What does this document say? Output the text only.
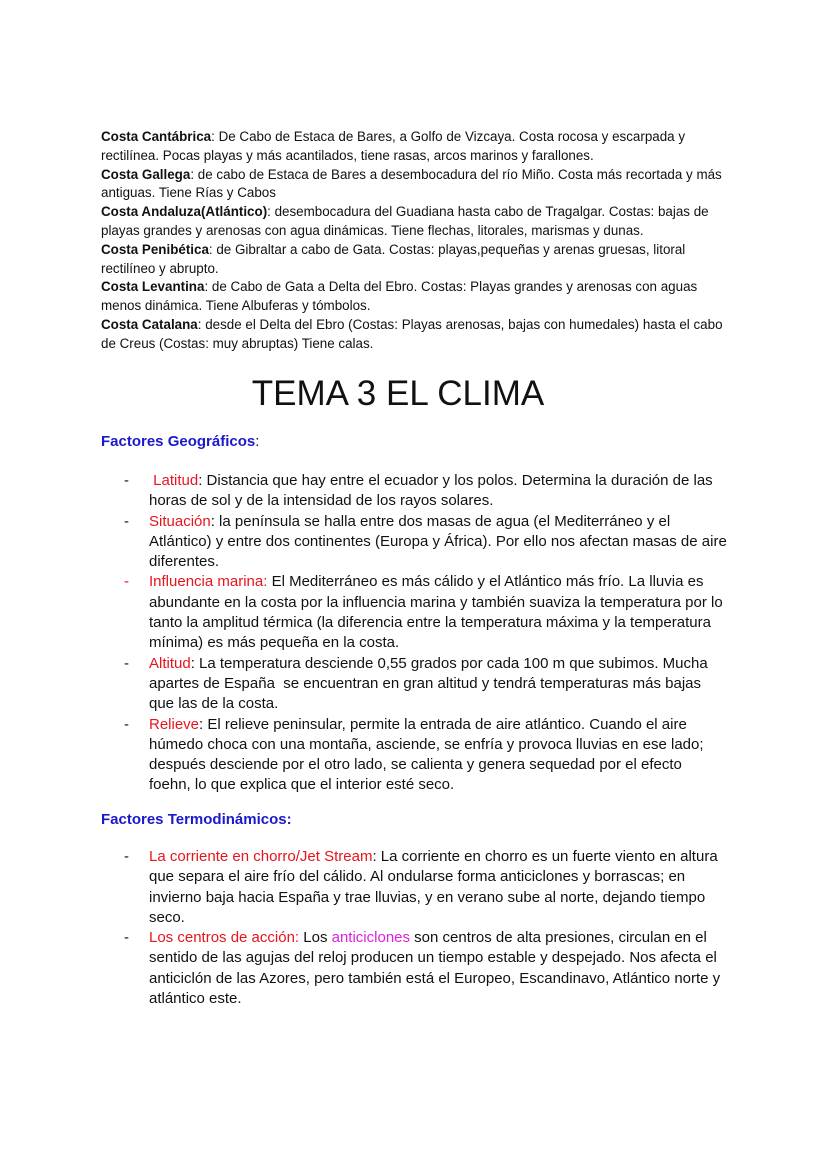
Costa Cantábrica: De Cabo de Estaca de Bares, a Golfo de Vizcaya. Costa rocosa y escarpada y rectilínea. Pocas playas y más acantilados, tiene rasas, arcos marinos y farallones.

Costa Gallega: de cabo de Estaca de Bares a desembocadura del río Miño. Costa más recortada y más antiguas. Tiene Rías y Cabos

Costa Andaluza(Atlántico): desembocadura del Guadiana hasta cabo de Tragalgar. Costas: bajas de playas grandes y arenosas con agua dinámicas. Tiene flechas, litorales, marismas y dunas.

Costa Penibética: de Gibraltar a cabo de Gata. Costas: playas,pequeñas y arenas gruesas, litoral rectilíneo y abrupto.

Costa Levantina: de Cabo de Gata a Delta del Ebro. Costas: Playas grandes y arenosas con aguas menos dinámica. Tiene Albuferas y tómbolos.

Costa Catalana: desde el Delta del Ebro (Costas: Playas arenosas, bajas con humedales) hasta el cabo de Creus (Costas: muy abruptas) Tiene calas.

TEMA 3 EL CLIMA
Factores Geográficos:
- Latitud: Distancia que hay entre el ecuador y los polos. Determina la duración de las horas de sol y de la intensidad de los rayos solares.
- Situación: la península se halla entre dos masas de agua (el Mediterráneo y el Atlántico) y entre dos continentes (Europa y África). Por ello nos afectan masas de aire diferentes.
- Influencia marina: El Mediterráneo es más cálido y el Atlántico más frío. La lluvia es abundante en la costa por la influencia marina y también suaviza la temperatura por lo tanto la amplitud térmica (la diferencia entre la temperatura máxima y la temperatura mínima) es más pequeña en la costa.
- Altitud: La temperatura desciende 0,55 grados por cada 100 m que subimos. Mucha apartes de España  se encuentran en gran altitud y tendrá temperaturas más bajas que las de la costa.
- Relieve: El relieve peninsular, permite la entrada de aire atlántico. Cuando el aire húmedo choca con una montaña, asciende, se enfría y provoca lluvias en ese lado; después desciende por el otro lado, se calienta y genera sequedad por el efecto foehn, lo que explica que el interior esté seco.
Factores Termodinámicos:
- La corriente en chorro/Jet Stream: La corriente en chorro es un fuerte viento en altura que separa el aire frío del cálido. Al ondularse forma anticiclones y borrascas; en invierno baja hacia España y trae lluvias, y en verano sube al norte, dejando tiempo seco.
- Los centros de acción: Los anticiclones son centros de alta presiones, circulan en el sentido de las agujas del reloj producen un tiempo estable y despejado. Nos afecta el anticiclón de las Azores, pero también está el Europeo, Escandinavo, Atlántico norte y atlántico este.
